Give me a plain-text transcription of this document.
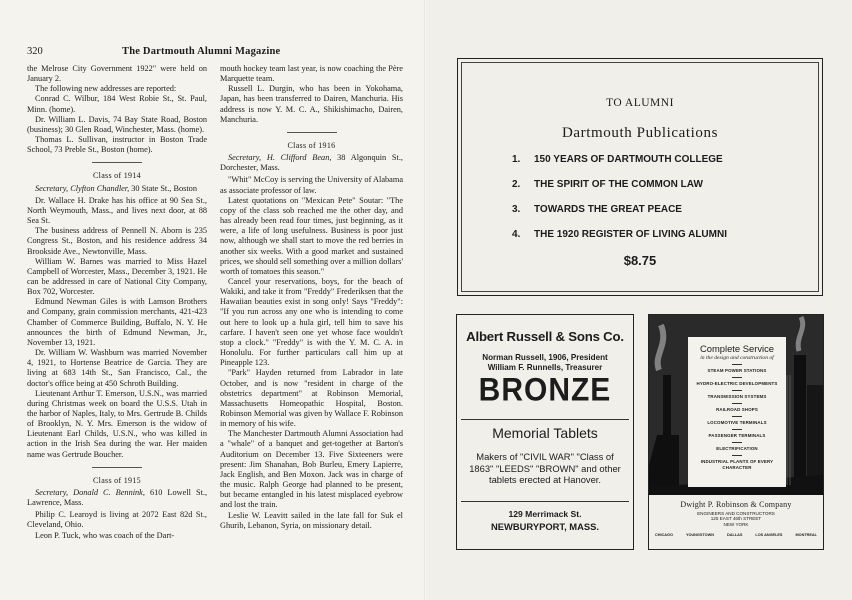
320	The Dartmouth Alumni Magazine

the Melrose City Government 1922" were held on January 2.

The following new addresses are reported:

Conrad C. Wilbur, 184 West Robie St., St. Paul, Minn. (home).

Dr. William L. Davis, 74 Bay State Road, Boston (business); 30 Glen Road, Winchester, Mass. (home).

Thomas L. Sullivan, instructor in Boston Trade School, 73 Preble St., Boston (home).

Class of 1914

Secretary, Clyfton Chandler, 30 State St., Boston

Dr. Wallace H. Drake has his office at 90 Sea St., North Weymouth, Mass., and lives next door, at 88 Sea St.

The business address of Pennell N. Aborn is 235 Congress St., Boston, and his residence address 34 Brookside Ave., Newtonville, Mass.

William W. Barnes was married to Miss Hazel Campbell of Worcester, Mass., December 3, 1921. He can be addressed in care of National City Company, Box 702, Worcester.

Edmund Newman Giles is with Lamson Brothers and Company, grain commission merchants, 421-423 Chamber of Commerce Building, Buffalo, N. Y. He announces the birth of Edmund Newman, Jr., November 13, 1921.

Dr. William W. Washburn was married November 4, 1921, to Hortense Beatrice de Garcia. They are living at 683 14th St., San Francisco, Cal., the doctor's office being at 450 Schroth Building.

Lieutenant Arthur T. Emerson, U.S.N., was married during Christmas week on board the U.S.S. Utah in the harbor of Naples, Italy, to Mrs. Gertrude B. Childs of Brooklyn, N. Y. Mrs. Emerson is the widow of Lieutenant Earl Childs, U.S.N., who was killed in action in the Irish Sea during the war. Her maiden name was Gertrude Boucher.

Class of 1915

Secretary, Donald C. Bennink, 610 Lowell St., Lawrence, Mass.

Philip C. Learoyd is living at 2072 East 82d St., Cleveland, Ohio.

Leon P. Tuck, who was coach of the Dart-

mouth hockey team last year, is now coaching the Père Marquette team.

Russell L. Durgin, who has been in Yokohama, Japan, has been transferred to Dairen, Manchuria. His address is now Y. M. C. A., Shikishimacho, Dairen, Manchuria.

Class of 1916

Secretary, H. Clifford Bean, 38 Algonquin St., Dorchester, Mass.

"Whit" McCoy is serving the University of Alabama as associate professor of law.

Latest quotations on "Mexican Pete" Soutar: "The copy of the class sob reached me the other day, and has already been read four times, just beginning, as it were, a life of long usefulness. Business is poor just now, although we shall start to move the red berries in another six weeks. With a good market and sustained prices, we should sell something over a million dollars' worth of tomatoes this season."

Cancel your reservations, boys, for the beach of Wakiki, and take it from "Freddy" Frederiksen that the Hawaiian beauties exist in song only! Says "Freddy": "If you run across any one who is intending to come out here to look up a hula girl, tell him to save his carfare. I haven't seen one yet whose face wouldn't stop a clock." "Freddy" is with the Y. M. C. A. in Honolulu. For further particulars call him up at Pineapple 123.

"Park" Hayden returned from Labrador in late October, and is now "resident in charge of the obstetrics department" at Robinson Memorial, Massachusetts Homeopathic Hospital, Boston. Robinson Memorial was given by Wallace F. Robinson in memory of his wife.

The Manchester Dartmouth Alumni Association had a "whale" of a banquet and get-together at Barton's Auditorium on December 13. Five Sixteeners were present: Jim Shanahan, Bob Burleu, Emery Lapierre, Jack English, and Ben Moxon. Jack was in charge of the music. Ralph George had planned to be present, but became entangled in his latest misplaced eyebrow and lost the train.

Leslie W. Leavitt sailed in the late fall for Suk el Ghurib, Lebanon, Syria, on missionary detail.

TO ALUMNI
Dartmouth Publications
1. 150 YEARS OF DARTMOUTH COLLEGE
2. THE SPIRIT OF THE COMMON LAW
3. TOWARDS THE GREAT PEACE
4. THE 1920 REGISTER OF LIVING ALUMNI
$8.75
Albert Russell & Sons Co.
Norman Russell, 1906, President
William F. Runnells, Treasurer
BRONZE
Memorial Tablets
Makers of "CIVIL WAR" "Class of 1863" "LEEDS" "BROWN" and other tablets erected at Hanover.
129 Merrimack St.
NEWBURYPORT, MASS.
Complete Service
in the design and construction of
STEAM POWER STATIONS
HYDRO-ELECTRIC DEVELOPMENTS
TRANSMISSION SYSTEMS
RAILROAD SHOPS
LOCOMOTIVE TERMINALS
PASSENGER TERMINALS
ELECTRIFICATION
INDUSTRIAL PLANTS OF EVERY CHARACTER
Dwight P. Robinson & Company
ENGINEERS AND CONSTRUCTORS
125 EAST 46th STREET
NEW YORK
CHICAGO	YOUNGSTOWN	DALLAS	LOS ANGELES	MONTREAL
